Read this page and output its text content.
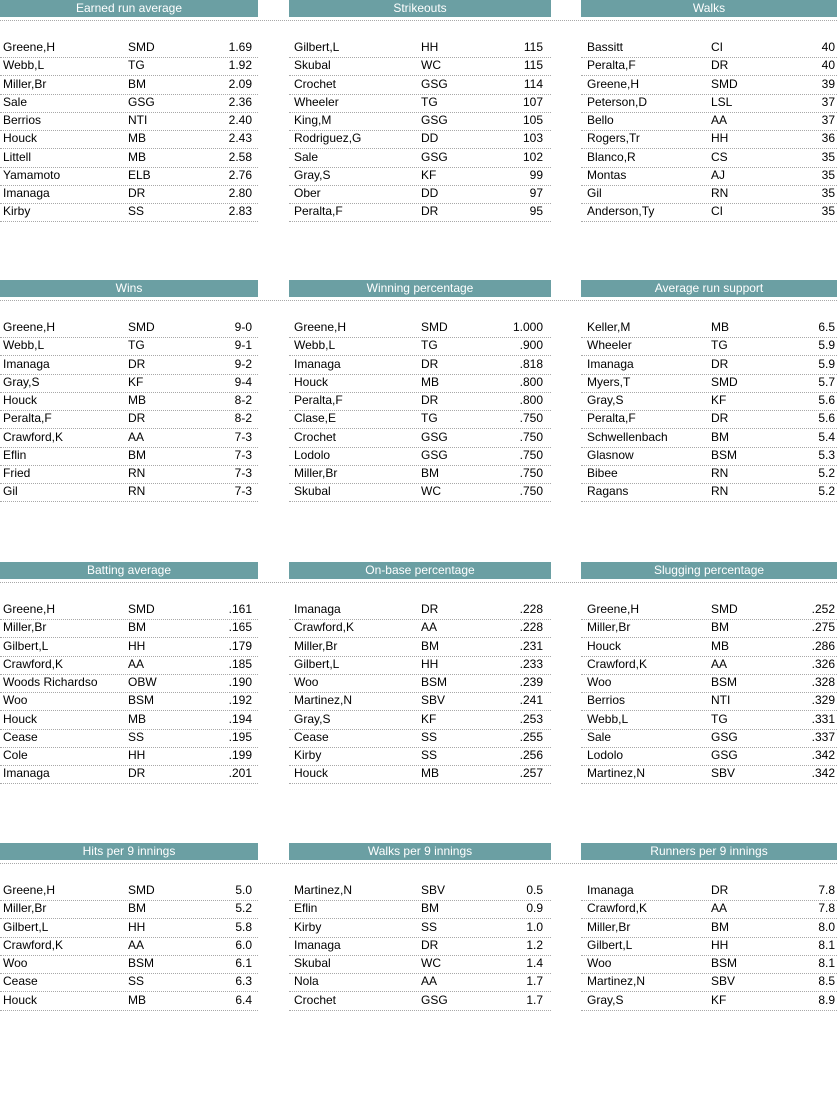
Earned run average
Greene,H	SMD	1.69
Webb,L	TG	1.92
Miller,Br	BM	2.09
Sale	GSG	2.36
Berrios	NTI	2.40
Houck	MB	2.43
Littell	MB	2.58
Yamamoto	ELB	2.76
Imanaga	DR	2.80
Kirby	SS	2.83
Strikeouts
Gilbert,L	HH	115
Skubal	WC	115
Crochet	GSG	114
Wheeler	TG	107
King,M	GSG	105
Rodriguez,G	DD	103
Sale	GSG	102
Gray,S	KF	99
Ober	DD	97
Peralta,F	DR	95
Walks
Bassitt	CI	40
Peralta,F	DR	40
Greene,H	SMD	39
Peterson,D	LSL	37
Bello	AA	37
Rogers,Tr	HH	36
Blanco,R	CS	35
Montas	AJ	35
Gil	RN	35
Anderson,Ty	CI	35
Wins
Greene,H	SMD	9-0
Webb,L	TG	9-1
Imanaga	DR	9-2
Gray,S	KF	9-4
Houck	MB	8-2
Peralta,F	DR	8-2
Crawford,K	AA	7-3
Eflin	BM	7-3
Fried	RN	7-3
Gil	RN	7-3
Winning percentage
Greene,H	SMD	1.000
Webb,L	TG	.900
Imanaga	DR	.818
Houck	MB	.800
Peralta,F	DR	.800
Clase,E	TG	.750
Crochet	GSG	.750
Lodolo	GSG	.750
Miller,Br	BM	.750
Skubal	WC	.750
Average run support
Keller,M	MB	6.5
Wheeler	TG	5.9
Imanaga	DR	5.9
Myers,T	SMD	5.7
Gray,S	KF	5.6
Peralta,F	DR	5.6
Schwellenbach	BM	5.4
Glasnow	BSM	5.3
Bibee	RN	5.2
Ragans	RN	5.2
Batting average
Greene,H	SMD	.161
Miller,Br	BM	.165
Gilbert,L	HH	.179
Crawford,K	AA	.185
Woods Richardso	OBW	.190
Woo	BSM	.192
Houck	MB	.194
Cease	SS	.195
Cole	HH	.199
Imanaga	DR	.201
On-base percentage
Imanaga	DR	.228
Crawford,K	AA	.228
Miller,Br	BM	.231
Gilbert,L	HH	.233
Woo	BSM	.239
Martinez,N	SBV	.241
Gray,S	KF	.253
Cease	SS	.255
Kirby	SS	.256
Houck	MB	.257
Slugging percentage
Greene,H	SMD	.252
Miller,Br	BM	.275
Houck	MB	.286
Crawford,K	AA	.326
Woo	BSM	.328
Berrios	NTI	.329
Webb,L	TG	.331
Sale	GSG	.337
Lodolo	GSG	.342
Martinez,N	SBV	.342
Hits per 9 innings
Greene,H	SMD	5.0
Miller,Br	BM	5.2
Gilbert,L	HH	5.8
Crawford,K	AA	6.0
Woo	BSM	6.1
Cease	SS	6.3
Houck	MB	6.4
Walks per 9 innings
Martinez,N	SBV	0.5
Eflin	BM	0.9
Kirby	SS	1.0
Imanaga	DR	1.2
Skubal	WC	1.4
Nola	AA	1.7
Crochet	GSG	1.7
Runners per 9 innings
Imanaga	DR	7.8
Crawford,K	AA	7.8
Miller,Br	BM	8.0
Gilbert,L	HH	8.1
Woo	BSM	8.1
Martinez,N	SBV	8.5
Gray,S	KF	8.9
